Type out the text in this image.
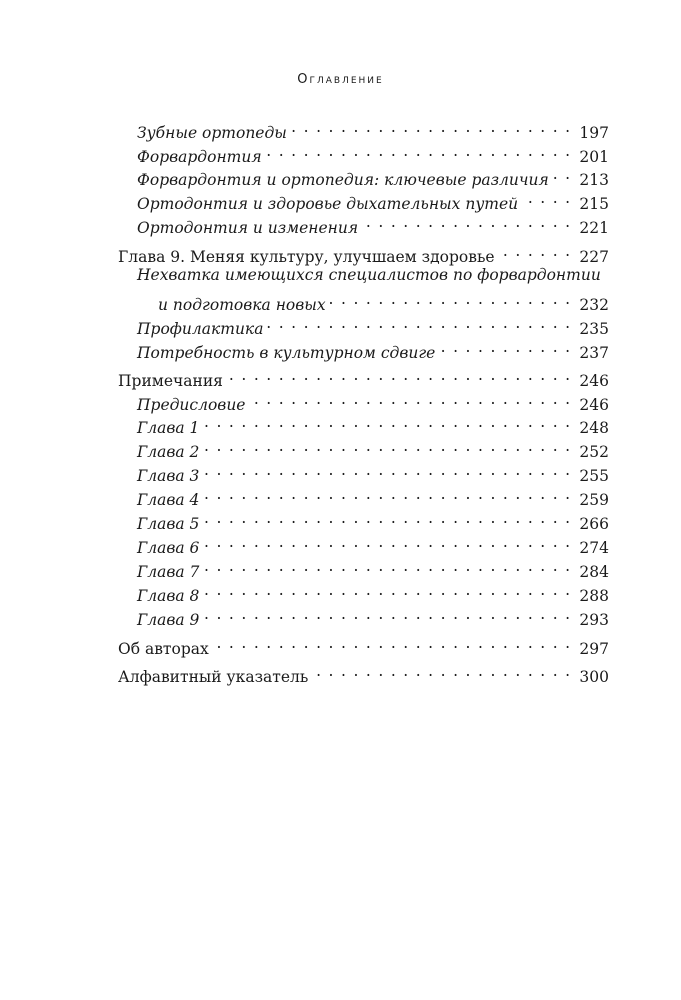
Оглавление
Зубные ортопеды . . .	197
Форвардонтия . . .	201
Форвардонтия и ортопедия: ключевые различия . . .	213
Ортодонтия и здоровье дыхательных путей . . .	215
Ортодонтия и изменения . . .	221
Глава 9. Меняя культуру, улучшаем здоровье . . .	227
Нехватка имеющихся специалистов по форвардонтии
и подготовка новых . . .	232
Профилактика . . .	235
Потребность в культурном сдвиге . . .	237
Примечания . . .	246
Предисловие . . .	246
Глава 1 . . .	248
Глава 2 . . .	252
Глава 3 . . .	255
Глава 4 . . .	259
Глава 5 . . .	266
Глава 6 . . .	274
Глава 7 . . .	284
Глава 8 . . .	288
Глава 9 . . .	293
Об авторах . . .	297
Алфавитный указатель . . .	300
